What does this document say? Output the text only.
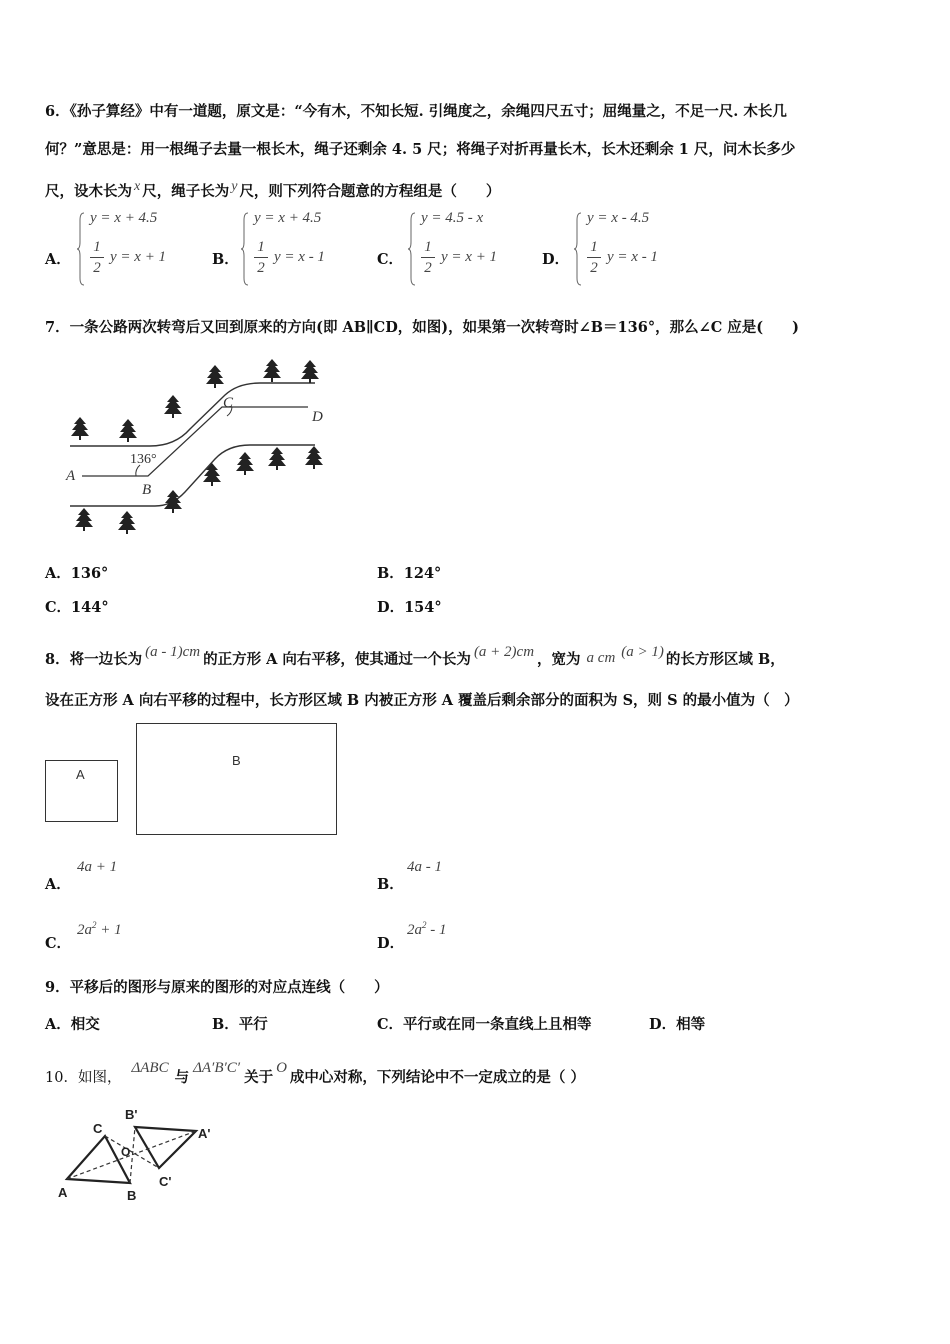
6．《孙子算经》中有一道题，原文是：“今有木，不知长短. 引绳度之，余绳四尺五寸；屈绳量之，不足一尺. 木长几
何？”意思是：用一根绳子去量一根长木，绳子还剩余 4. 5 尺；将绳子对折再量长木，长木还剩余 1 尺，问木长多少
尺，设木长为 x 尺，绳子长为 y 尺，则下列符合题意的方程组是（　　）
A．
y = x + 4.5
1
2
y = x + 1	B．
y = x + 4.5
1
2
y = x - 1	C．
y = 4.5 - x
1
2
y = x + 1	D．
y = x - 4.5
1
2
y = x - 1
7．一条公路两次转弯后又回到原来的方向(即 AB∥CD，如图)，如果第一次转弯时∠B＝136°，那么∠C 应是(　　)
A
B
C
D
136°
A．136°	B．124°
C．144°	D．154°
8．将一边长为 (a - 1)cm 的正方形 A 向右平移，使其通过一个长为 (a + 2)cm ，宽为 a cm (a > 1) 的长方形区域 B，
设在正方形 A 向右平移的过程中，长方形区域 B 内被正方形 A 覆盖后剩余部分的面积为 S，则 S 的最小值为（　）
A
B
A．
4a + 1
B．
4a - 1
C．
$2a^2 + 1$
D．
$2a^2 - 1$
9．平移后的图形与原来的图形的对应点连线（　　）
A．相交	B．平行	C．平行或在同一条直线上且相等	D．相等
10．如图，ΔABC与ΔA′B′C′关于O成中心对称，下列结论中不一定成立的是（ ）
A	B
C
O
A'
B'
C'
